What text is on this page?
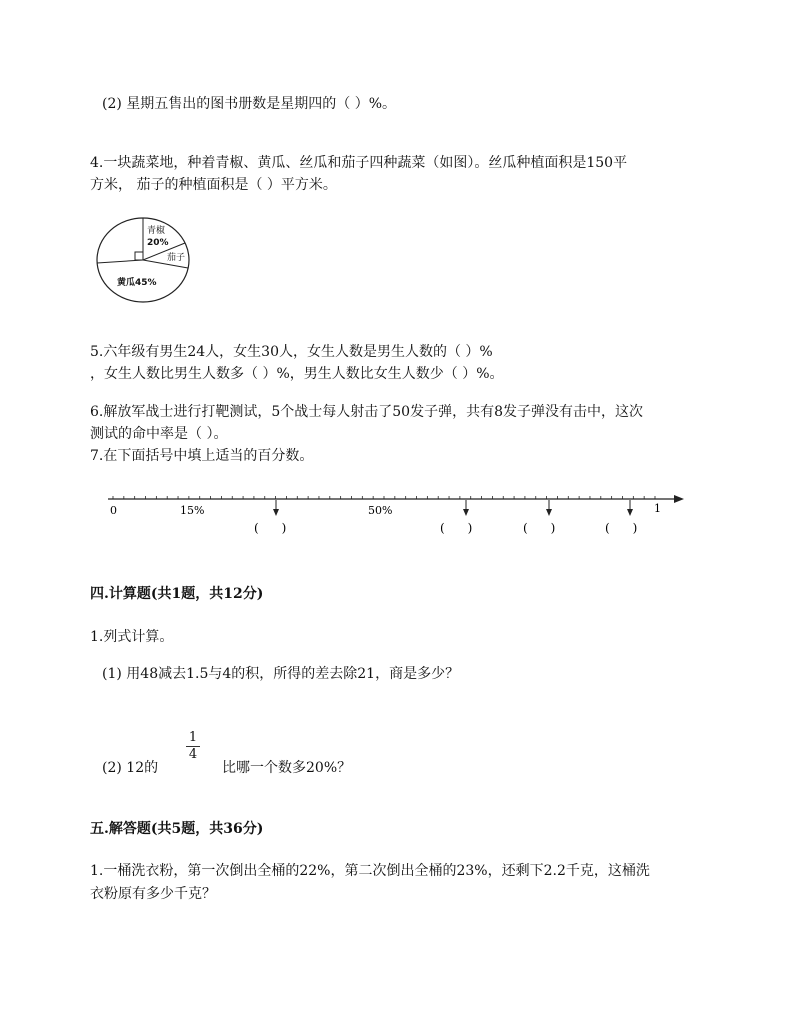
(2) 星期五售出的图书册数是星期四的（ ）%。
4.一块蔬菜地，种着青椒、黄瓜、丝瓜和茄子四种蔬菜（如图）。丝瓜种植面积是150平
方米， 茄子的种植面积是（ ）平方米。
青椒
20%
茄子
黄瓜45%
5.六年级有男生24人，女生30人，女生人数是男生人数的（ ）%
，女生人数比男生人数多（ ）%，男生人数比女生人数少（ ）%。
6.解放军战士进行打靶测试，5个战士每人射击了50发子弹，共有8发子弹没有击中，这次
测试的命中率是（ ）。
7.在下面括号中填上适当的百分数。
0	15%	50%	1
(      )	(      )	(      )	(      )
四.计算题(共1题，共12分)
1.列式计算。
(1) 用48减去1.5与4的积，所得的差去除21，商是多少？
(2) 12的
1
4
比哪一个数多20%？
五.解答题(共5题，共36分)
1.一桶洗衣粉，第一次倒出全桶的22%，第二次倒出全桶的23%，还剩下2.2千克，这桶洗
衣粉原有多少千克？
